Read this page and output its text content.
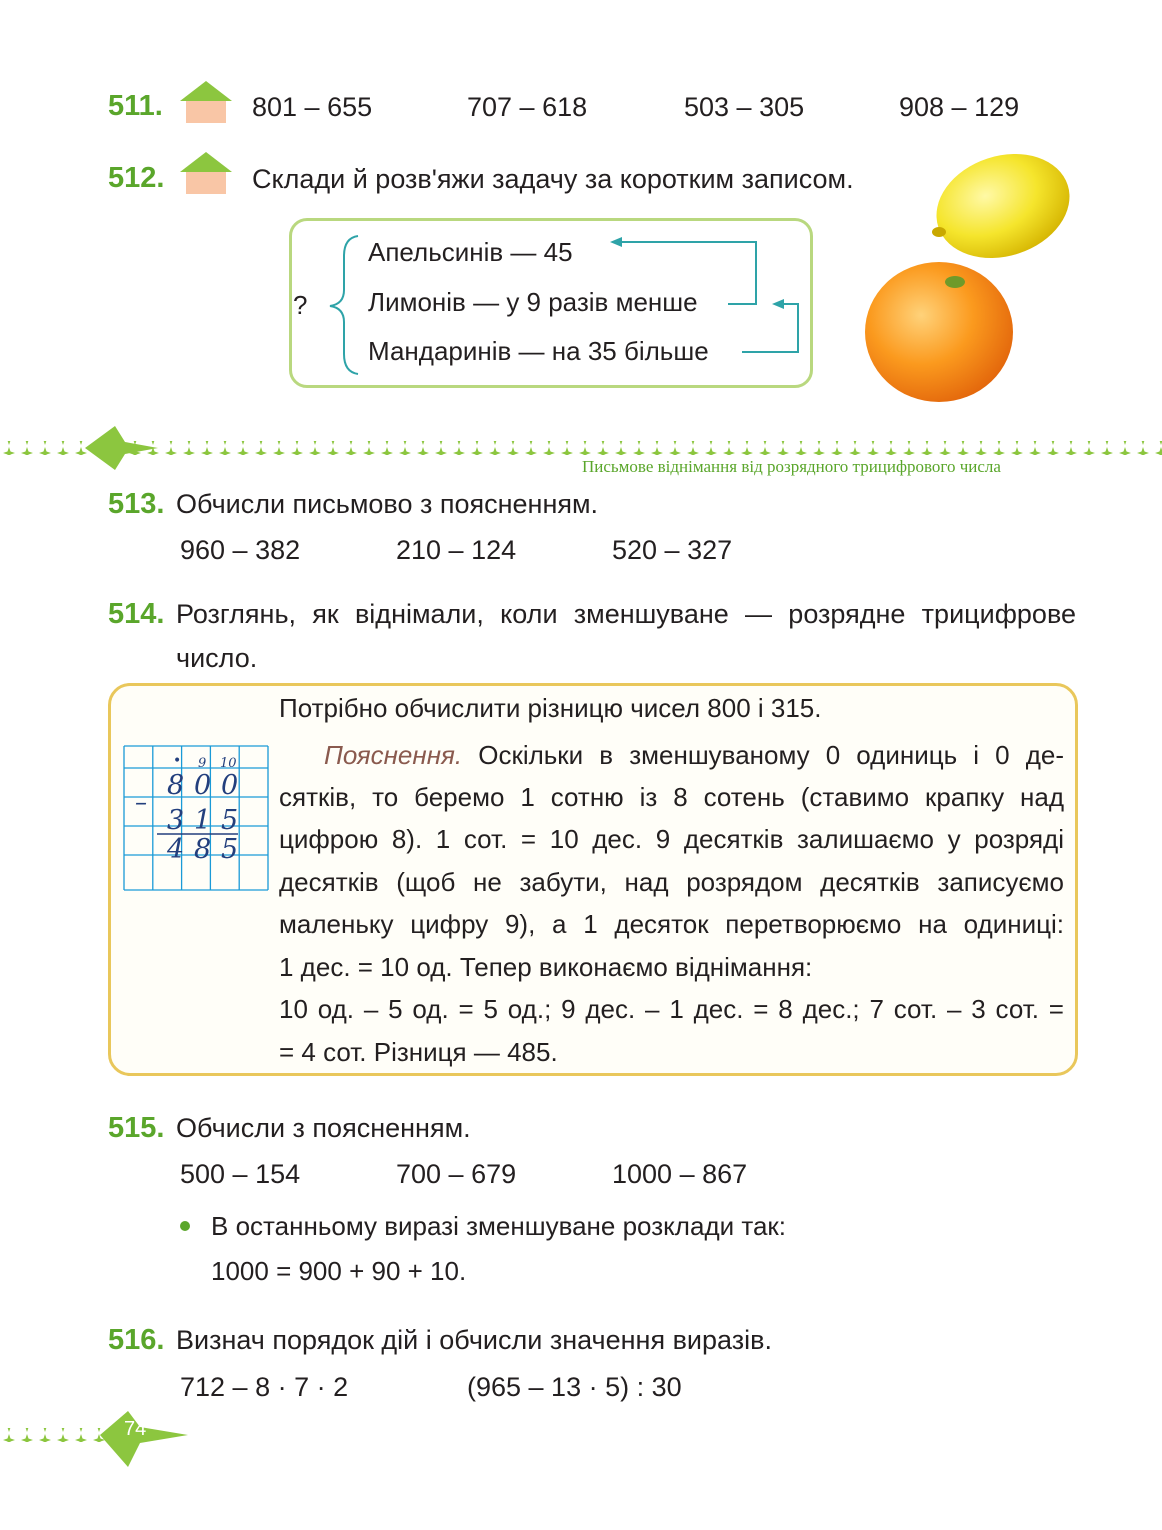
511.	801 – 655	707 – 618	503 – 305	908 – 129
512.	Склади й розв'яжи задачу за коротким записом.
?
Апельсинів — 45
Лимонів — у 9 разів менше
Мандаринів — на 35 більше
Письмове віднімання від розрядного трицифрового числа
513. Обчисли письмово з поясненням.
960 – 382	210 – 124	520 – 327
514. Розглянь, як віднімали, коли зменшуване — розрядне трицифрове
число.
Потрібно обчислити різницю чисел 800 і 315.
• 9 10
8 0 0
–
3 1 5
4 8 5
Пояснення. Оскільки в зменшуваному 0 одиниць і 0 де-
сятків, то беремо 1 сотню із 8 сотень (ставимо крапку над
цифрою 8). 1 сот. = 10 дес. 9 десятків залишаємо у розряді
десятків (щоб не забути, над розрядом десятків записуємо
маленьку цифру 9), а 1 десяток перетворюємо на одиниці:
1 дес. = 10 од. Тепер виконаємо віднімання:
10 од. – 5 од. = 5 од.; 9 дес. – 1 дес. = 8 дес.; 7 сот. – 3 сот. =
= 4 сот. Різниця — 485.
515. Обчисли з поясненням.
500 – 154	700 – 679	1000 – 867
В останньому виразі зменшуване розклади так:
1000 = 900 + 90 + 10.
516. Визнач порядок дій і обчисли значення виразів.
712 – 8 · 7 · 2	(965 – 13 · 5) : 30
74
